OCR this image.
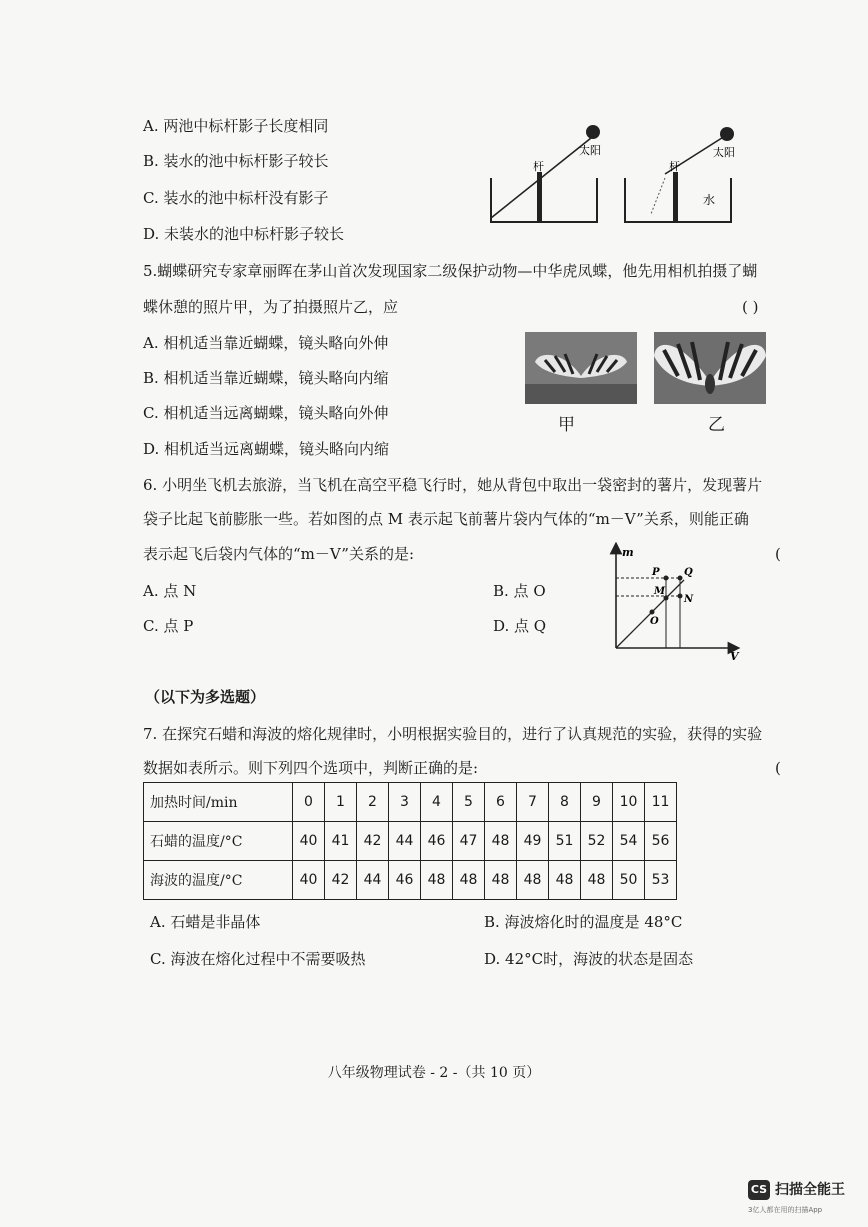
A. 两池中标杆影子长度相同
B. 装水的池中标杆影子较长
C. 装水的池中标杆没有影子
D. 未装水的池中标杆影子较长
杆
太阳
杆
太阳
水
5.蝴蝶研究专家章丽晖在茅山首次发现国家二级保护动物—中华虎凤蝶，他先用相机拍摄了蝴
蝶休憩的照片甲，为了拍摄照片乙，应	( )
A. 相机适当靠近蝴蝶，镜头略向外伸
B. 相机适当靠近蝴蝶，镜头略向内缩
C. 相机适当远离蝴蝶，镜头略向外伸
D. 相机适当远离蝴蝶，镜头略向内缩
甲	乙
6. 小明坐飞机去旅游，当飞机在高空平稳飞行时，她从背包中取出一袋密封的薯片，发现薯片
袋子比起飞前膨胀一些。若如图的点 M 表示起飞前薯片袋内气体的“m－V”关系，则能正确
表示起飞后袋内气体的“m－V”关系的是:	(
A. 点 N	B. 点 O
C. 点 P	D. 点 Q
m
V
P Q
M
N
O
（以下为多选题）
7. 在探究石蜡和海波的熔化规律时，小明根据实验目的，进行了认真规范的实验，获得的实验
数据如表所示。则下列四个选项中，判断正确的是:	(
加热时间/min	0	1	2	3	4	5	6	7	8	9	10	11
石蜡的温度/°C	40	41	42	44	46	47	48	49	51	52	54	56
海波的温度/°C	40	42	44	46	48	48	48	48	48	48	50	53
A. 石蜡是非晶体	B. 海波熔化时的温度是 48°C
C. 海波在熔化过程中不需要吸热	D. 42°C时，海波的状态是固态
八年级物理试卷 - 2 -（共 10 页）
CS 扫描全能王
3亿人都在用的扫描App
